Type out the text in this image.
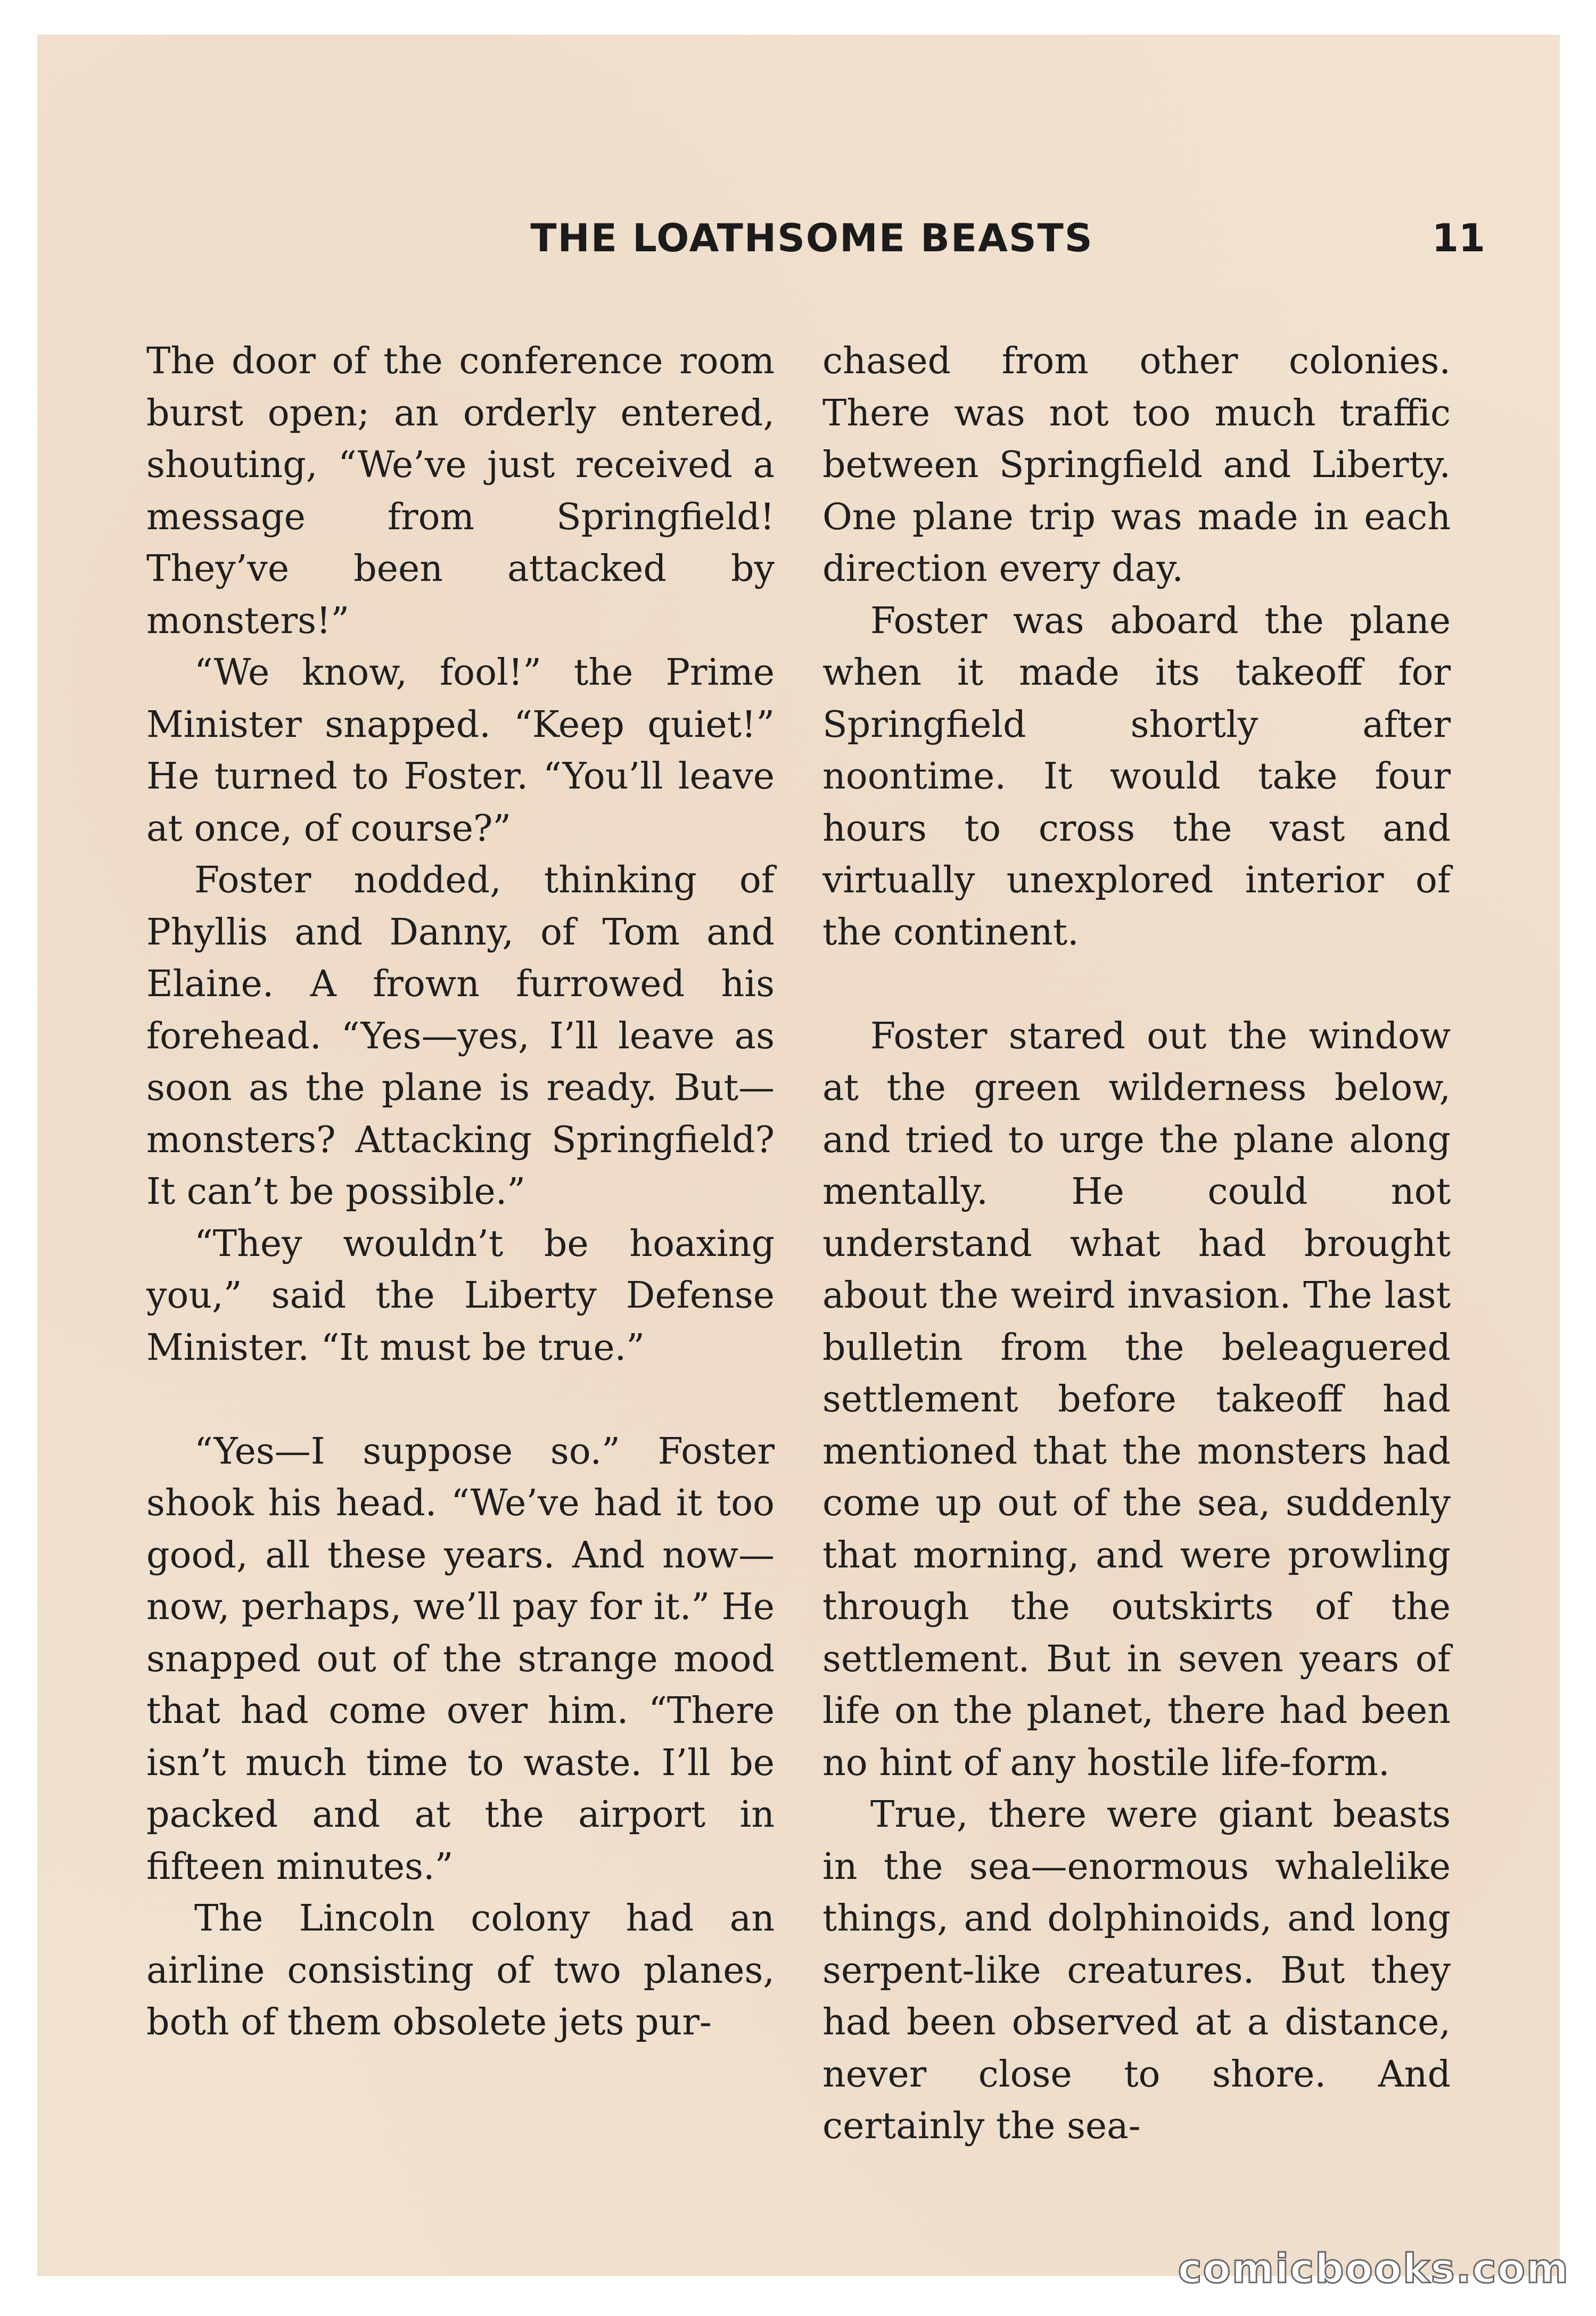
THE LOATHSOME BEASTS	11

The door of the conference room burst open; an orderly entered, shouting, “We’ve just received a message from Springfield! They’ve been attacked by monsters!”

“We know, fool!” the Prime Minister snapped. “Keep quiet!” He turned to Foster. “You’ll leave at once, of course?”

Foster nodded, thinking of Phyllis and Danny, of Tom and Elaine. A frown furrowed his forehead. “Yes—yes, I’ll leave as soon as the plane is ready. But—monsters? Attacking Springfield? It can’t be possible.”

“They wouldn’t be hoaxing you,” said the Liberty Defense Minister. “It must be true.”

“Yes—I suppose so.” Foster shook his head. “We’ve had it too good, all these years. And now—now, perhaps, we’ll pay for it.” He snapped out of the strange mood that had come over him. “There isn’t much time to waste. I’ll be packed and at the airport in fifteen minutes.”

The Lincoln colony had an airline consisting of two planes, both of them obsolete jets pur-

chased from other colonies. There was not too much traffic between Springfield and Liberty. One plane trip was made in each direction every day.

Foster was aboard the plane when it made its takeoff for Springfield shortly after noontime. It would take four hours to cross the vast and virtually unexplored interior of the continent.

Foster stared out the window at the green wilderness below, and tried to urge the plane along mentally. He could not understand what had brought about the weird invasion. The last bulletin from the beleaguered settlement before takeoff had mentioned that the monsters had come up out of the sea, suddenly that morning, and were prowling through the outskirts of the settlement. But in seven years of life on the planet, there had been no hint of any hostile life-form.

True, there were giant beasts in the sea—enormous whalelike things, and dolphinoids, and long serpent-like creatures. But they had been observed at a distance, never close to shore. And certainly the sea-

comicbooks.com
